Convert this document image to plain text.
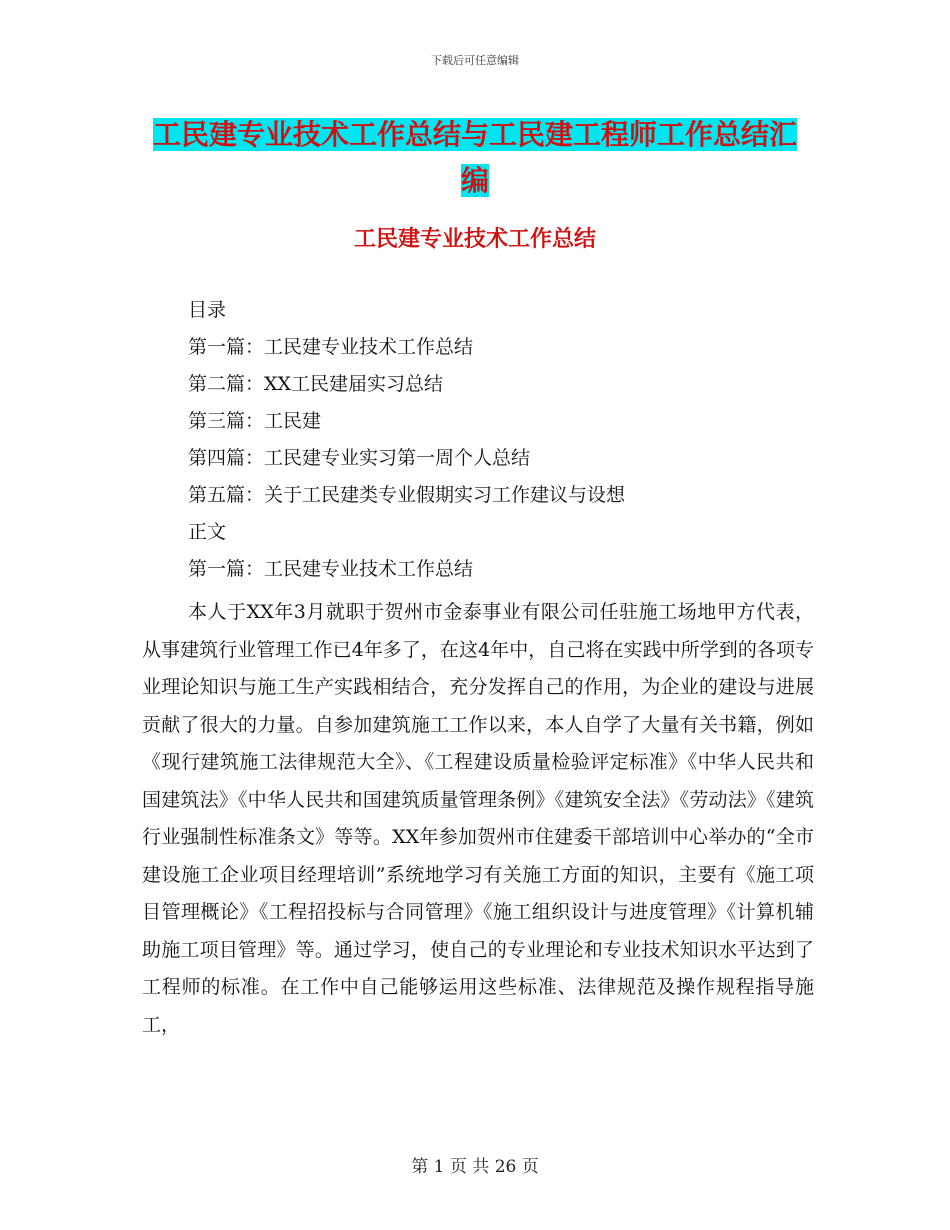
下载后可任意编辑
工民建专业技术工作总结与工民建工程师工作总结汇编
工民建专业技术工作总结
目录
第一篇：工民建专业技术工作总结
第二篇：XX工民建届实习总结
第三篇：工民建
第四篇：工民建专业实习第一周个人总结
第五篇：关于工民建类专业假期实习工作建议与设想
正文
第一篇：工民建专业技术工作总结

本人于XX年3月就职于贺州市金泰事业有限公司任驻施工场地甲方代表，从事建筑行业管理工作已4年多了，在这4年中，自己将在实践中所学到的各项专业理论知识与施工生产实践相结合，充分发挥自己的作用，为企业的建设与进展贡献了很大的力量。自参加建筑施工工作以来，本人自学了大量有关书籍，例如《现行建筑施工法律规范大全》、《工程建设质量检验评定标准》《中华人民共和国建筑法》《中华人民共和国建筑质量管理条例》《建筑安全法》《劳动法》《建筑行业强制性标准条文》等等。XX年参加贺州市住建委干部培训中心举办的“全市建设施工企业项目经理培训”系统地学习有关施工方面的知识，主要有《施工项目管理概论》《工程招投标与合同管理》《施工组织设计与进度管理》《计算机辅助施工项目管理》等。通过学习，使自己的专业理论和专业技术知识水平达到了工程师的标准。在工作中自己能够运用这些标准、法律规范及操作规程指导施工，

第 1 页 共 26 页
